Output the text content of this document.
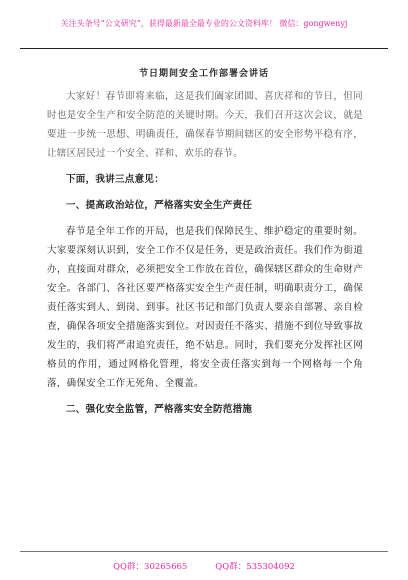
关注头条号“公文研究”，获得最新最全最专业的公文资料库！ 微信：gongwenyj
节日期间安全工作部署会讲话

大家好！春节即将来临，这是我们阖家团圆、喜庆祥和的节日，但同时也是安全生产和安全防范的关键时期。今天，我们召开这次会议，就是要进一步统一思想、明确责任，确保春节期间辖区的安全形势平稳有序，让辖区居民过一个安全、祥和、欢乐的春节。

下面，我讲三点意见：

一、提高政治站位，严格落实安全生产责任

春节是全年工作的开局，也是我们保障民生、维护稳定的重要时刻。大家要深刻认识到，安全工作不仅是任务，更是政治责任。我们作为街道办，直接面对群众，必须把安全工作放在首位，确保辖区群众的生命财产安全。各部门、各社区要严格落实安全生产责任制，明确职责分工，确保责任落实到人、到岗、到事。社区书记和部门负责人要亲自部署、亲自检查，确保各项安全措施落实到位。对因责任不落实、措施不到位导致事故发生的，我们将严肃追究责任，绝不姑息。同时，我们要充分发挥社区网格员的作用，通过网格化管理，将安全责任落实到每一个网格每一个角落，确保安全工作无死角、全覆盖。

二、强化安全监管，严格落实安全防范措施

QQ群：30265665	QQ群：535304092
